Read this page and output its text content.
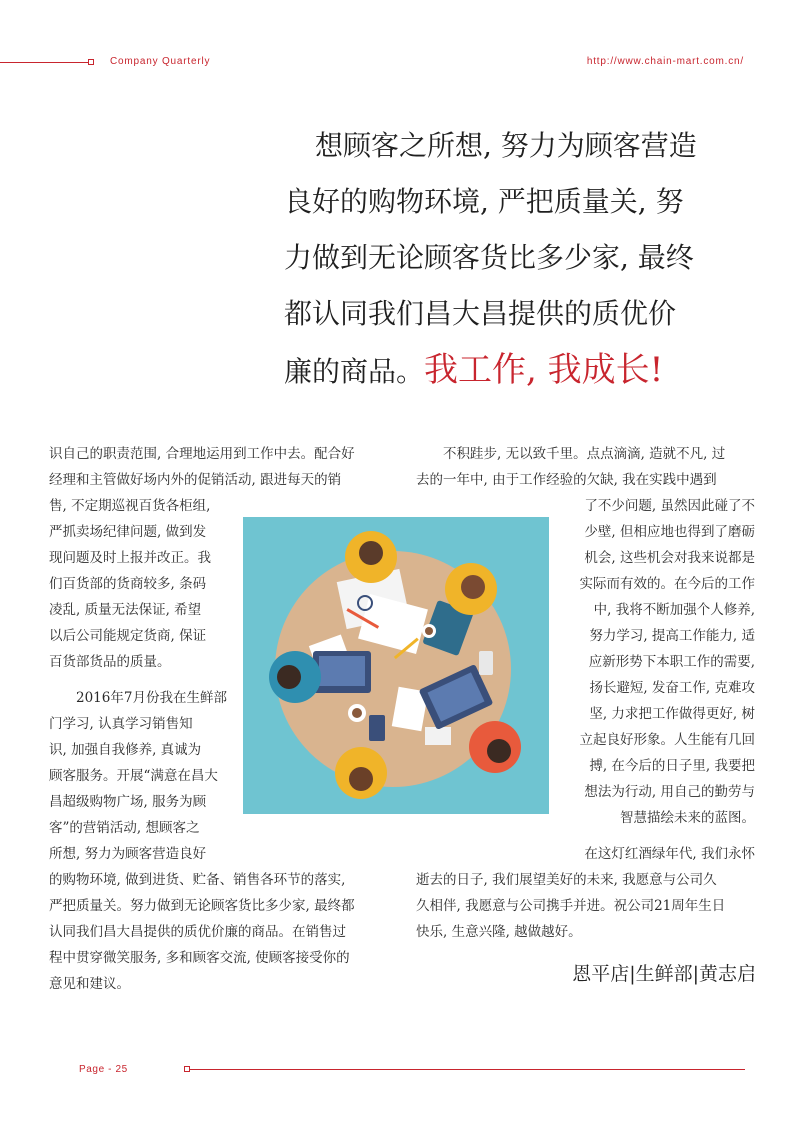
Company Quarterly	http://www.chain-mart.com.cn/
想顾客之所想, 努力为顾客营造
良好的购物环境, 严把质量关, 努
力做到无论顾客货比多少家, 最终
都认同我们昌大昌提供的质优价
廉的商品。我工作, 我成长!
识自己的职责范围, 合理地运用到工作中去。配合好
经理和主管做好场内外的促销活动, 跟进每天的销
售, 不定期巡视百货各柜组,
严抓卖场纪律问题, 做到发
现问题及时上报并改正。我
们百货部的货商较多, 条码
凌乱, 质量无法保证, 希望
以后公司能规定货商, 保证
百货部货品的质量。
2016年7月份我在生鲜部
门学习, 认真学习销售知
识, 加强自我修养, 真诚为
顾客服务。开展“满意在昌大
昌超级购物广场, 服务为顾
客”的营销活动, 想顾客之
所想, 努力为顾客营造良好
的购物环境, 做到进货、贮备、销售各环节的落实,
严把质量关。努力做到无论顾客货比多少家, 最终都
认同我们昌大昌提供的质优价廉的商品。在销售过
程中贯穿微笑服务, 多和顾客交流, 使顾客接受你的
意见和建议。
不积跬步, 无以致千里。点点滴滴, 造就不凡, 过
去的一年中, 由于工作经验的欠缺, 我在实践中遇到
了不少问题, 虽然因此碰了不
少壁, 但相应地也得到了磨砺
机会, 这些机会对我来说都是
实际而有效的。在今后的工作
中, 我将不断加强个人修养,
努力学习, 提高工作能力, 适
应新形势下本职工作的需要,
扬长避短, 发奋工作, 克难攻
坚, 力求把工作做得更好, 树
立起良好形象。人生能有几回
搏, 在今后的日子里, 我要把
想法为行动, 用自己的勤劳与
智慧描绘未来的蓝图。
在这灯红酒绿年代, 我们永怀
逝去的日子, 我们展望美好的未来, 我愿意与公司久
久相伴, 我愿意与公司携手并进。祝公司21周年生日
快乐, 生意兴隆, 越做越好。
恩平店|生鲜部|黄志启
Page - 25
